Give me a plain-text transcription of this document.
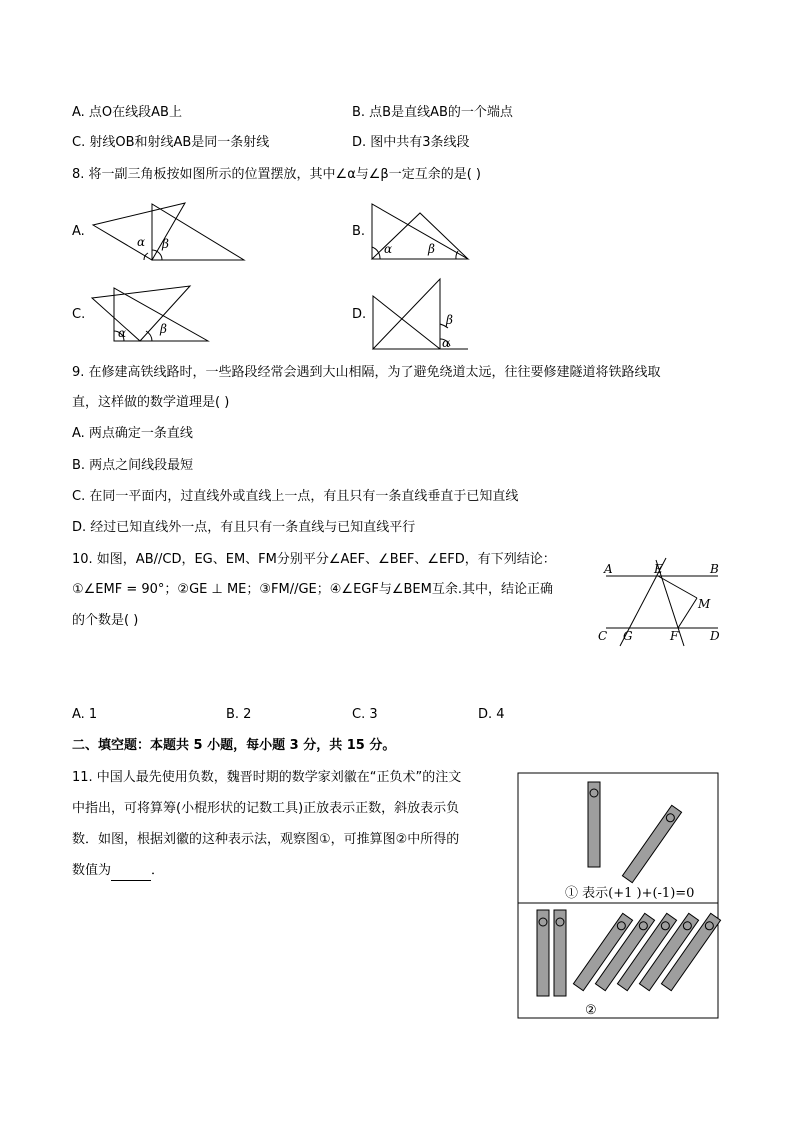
A. 点O在线段AB上	B. 点B是直线AB的一个端点
C. 射线OB和射线AB是同一条射线	D. 图中共有3条线段
8. 将一副三角板按如图所示的位置摆放，其中∠α与∠β一定互余的是( )
A.
α β
B.
α	β
C.
α	β
D.	β
α
9. 在修建高铁线路时，一些路段经常会遇到大山相隔，为了避免绕道太远，往往要修建隧道将铁路线取
直，这样做的数学道理是( )
A. 两点确定一条直线
B. 两点之间线段最短
C. 在同一平面内，过直线外或直线上一点，有且只有一条直线垂直于已知直线
D. 经过已知直线外一点，有且只有一条直线与已知直线平行
10. 如图，AB//CD，EG、EM、FM分别平分∠AEF、∠BEF、∠EFD，有下列结论：
①∠EMF = 90°；②GE ⊥ ME；③FM//GE；④∠EGF与∠BEM互余.其中，结论正确
的个数是( )
A	E	B
M
C G	F	D
A. 1	B. 2	C. 3	D. 4
二、填空题：本题共 5 小题，每小题 3 分，共 15 分。
11. 中国人最先使用负数，魏晋时期的数学家刘徽在“正负术”的注文
中指出，可将算筹(小棍形状的记数工具)正放表示正数，斜放表示负
数．如图，根据刘徽的这种表示法，观察图①，可推算图②中所得的
数值为	．
① 表示(+1 )+(-1)=0
②
